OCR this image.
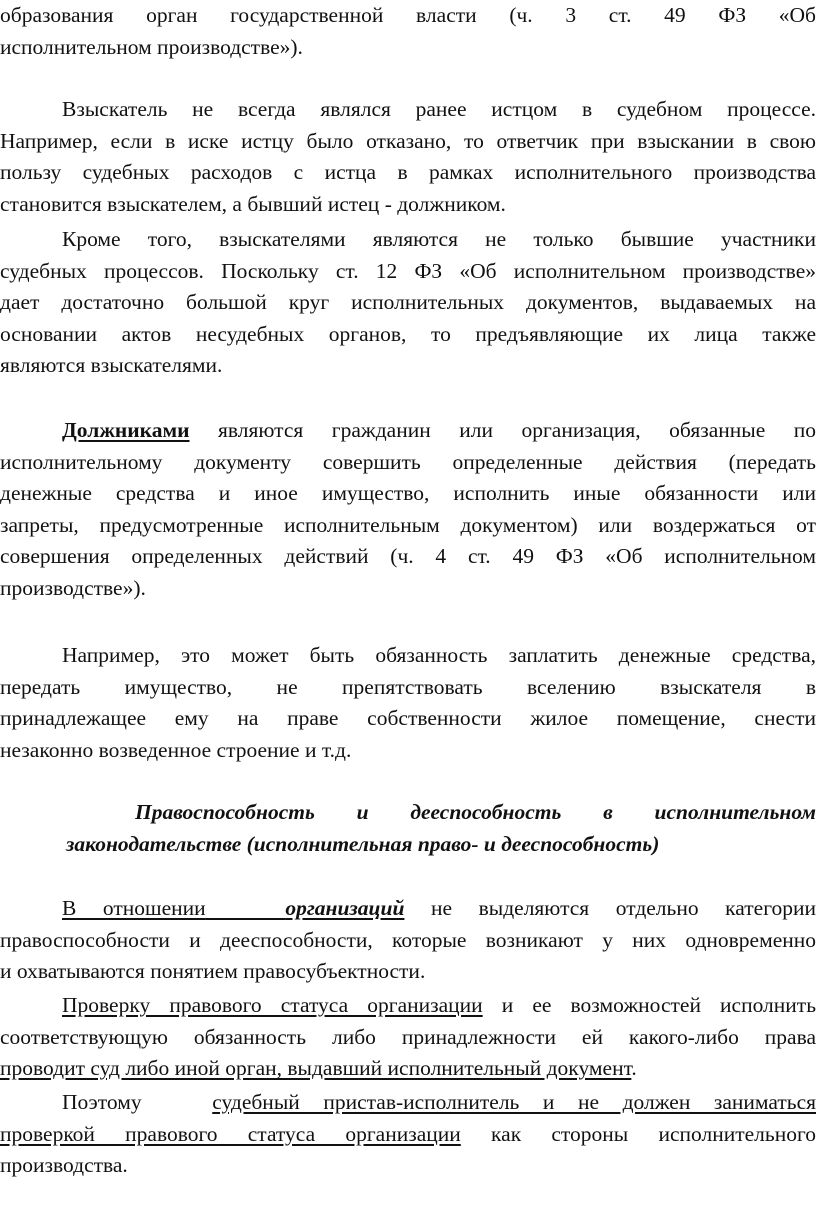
образования орган государственной власти (ч. 3 ст. 49 ФЗ «Об
исполнительном производстве»).
Взыскатель не всегда являлся ранее истцом в судебном процессе.
Например, если в иске истцу было отказано, то ответчик при взыскании в свою
пользу судебных расходов с истца в рамках исполнительного производства
становится взыскателем, а бывший истец - должником.
Кроме того, взыскателями являются не только бывшие участники
судебных процессов. Поскольку ст. 12 ФЗ «Об исполнительном производстве»
дает достаточно большой круг исполнительных документов, выдаваемых на
основании актов несудебных органов, то предъявляющие их лица также
являются взыскателями.
Должниками являются гражданин или организация, обязанные по
исполнительному документу совершить определенные действия (передать
денежные средства и иное имущество, исполнить иные обязанности или
запреты, предусмотренные исполнительным документом) или воздержаться от
совершения определенных действий (ч. 4 ст. 49 ФЗ «Об исполнительном
производстве»).
Например, это может быть обязанность заплатить денежные средства,
передать имущество, не препятствовать вселению взыскателя в
принадлежащее ему на праве собственности жилое помещение, снести
незаконно возведенное строение и т.д.
Правоспособность и дееспособность в исполнительном
законодательстве (исполнительная право- и дееспособность)
В отношении	организаций не выделяются отдельно категории
правоспособности и дееспособности, которые возникают у них одновременно
и охватываются понятием правосубъектности.
Проверку правового статуса организации и ее возможностей исполнить
соответствующую обязанность либо принадлежности ей какого-либо права
проводит суд либо иной орган, выдавший исполнительный документ.
Поэтому   судебный пристав-исполнитель и не должен заниматься
проверкой правового статуса организации как стороны исполнительного
производства.
